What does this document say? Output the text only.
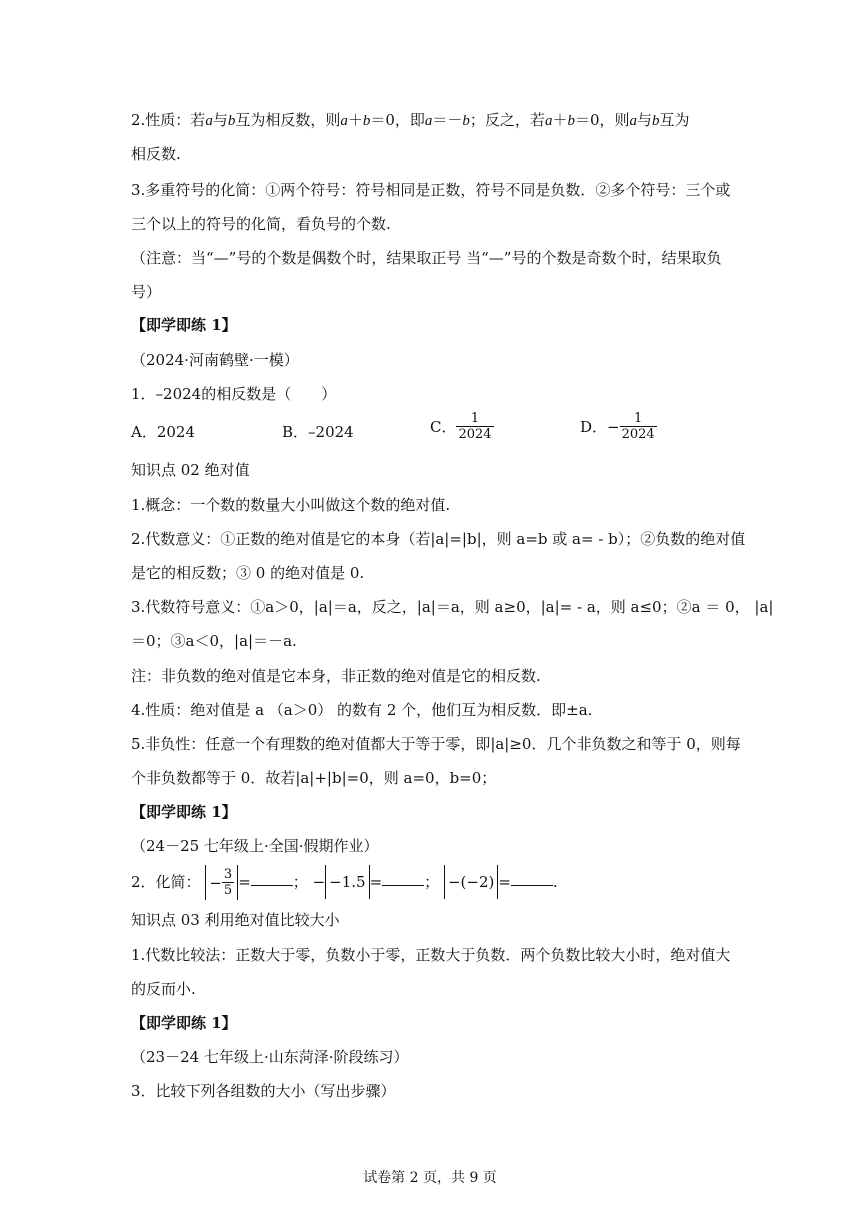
2.性质：若a与b互为相反数，则a＋b＝0，即a＝－b；反之，若a＋b＝0，则a与b互为
相反数.
3.多重符号的化简：①两个符号：符号相同是正数，符号不同是负数．②多个符号：三个或
三个以上的符号的化简，看负号的个数.
（注意：当“—”号的个数是偶数个时，结果取正号 当“—”号的个数是奇数个时，结果取负
号）
【即学即练 1】
（2024·河南鹤壁·一模）
1．–2024的相反数是（　　）
A．2024	B．–2024	C． $\frac{1}{2024}$	D．− $\frac{1}{2024}$
知识点 02 绝对值
1.概念：一个数的数量大小叫做这个数的绝对值.
2.代数意义：①正数的绝对值是它的本身（若|a|=|b|，则 a=b 或 a= - b）；②负数的绝对值
是它的相反数；③ 0 的绝对值是 0.
3.代数符号意义：①a＞0，|a|＝a，反之，|a|＝a，则 a≥0，|a|= - a，则 a≤0；②a ＝ 0， |a|
＝0；③a＜0，|a|＝－a.
注：非负数的绝对值是它本身，非正数的绝对值是它的相反数.
4.性质：绝对值是 a （a＞0） 的数有 2 个，他们互为相反数．即±a.
5.非负性：任意一个有理数的绝对值都大于等于零，即|a|≥0．几个非负数之和等于 0，则每
个非负数都等于 0．故若|a|+|b|=0，则 a=0，b=0；
【即学即练 1】
（24－25 七年级上·全国·假期作业）
2．化简： − $\frac{3}{5}$ =	； − −1.5 =	； −(−2) =	.
知识点 03 利用绝对值比较大小
1.代数比较法：正数大于零，负数小于零，正数大于负数．两个负数比较大小时，绝对值大
的反而小.
【即学即练 1】
（23－24 七年级上·山东菏泽·阶段练习）
3．比较下列各组数的大小（写出步骤）
试卷第 2 页，共 9 页
